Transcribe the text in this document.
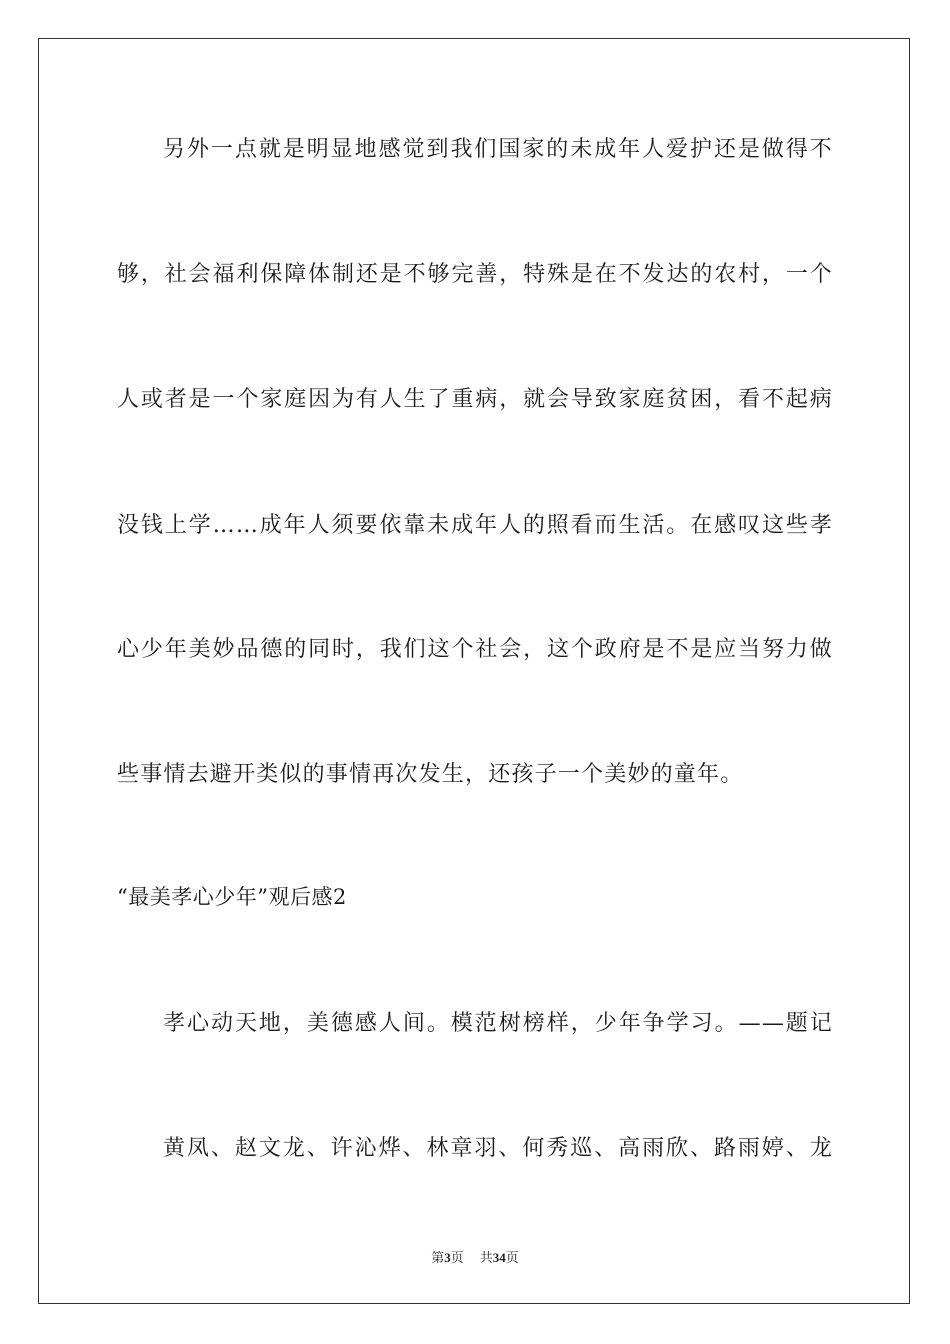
另外一点就是明显地感觉到我们国家的未成年人爱护还是做得不
够，社会福利保障体制还是不够完善，特殊是在不发达的农村，一个
人或者是一个家庭因为有人生了重病，就会导致家庭贫困，看不起病
没钱上学……成年人须要依靠未成年人的照看而生活。在感叹这些孝
心少年美妙品德的同时，我们这个社会，这个政府是不是应当努力做
些事情去避开类似的事情再次发生，还孩子一个美妙的童年。
“最美孝心少年”观后感2
孝心动天地，美德感人间。模范树榜样，少年争学习。——题记
黄凤、赵文龙、许沁烨、林章羽、何秀巡、高雨欣、路雨婷、龙
第3页 共34页
